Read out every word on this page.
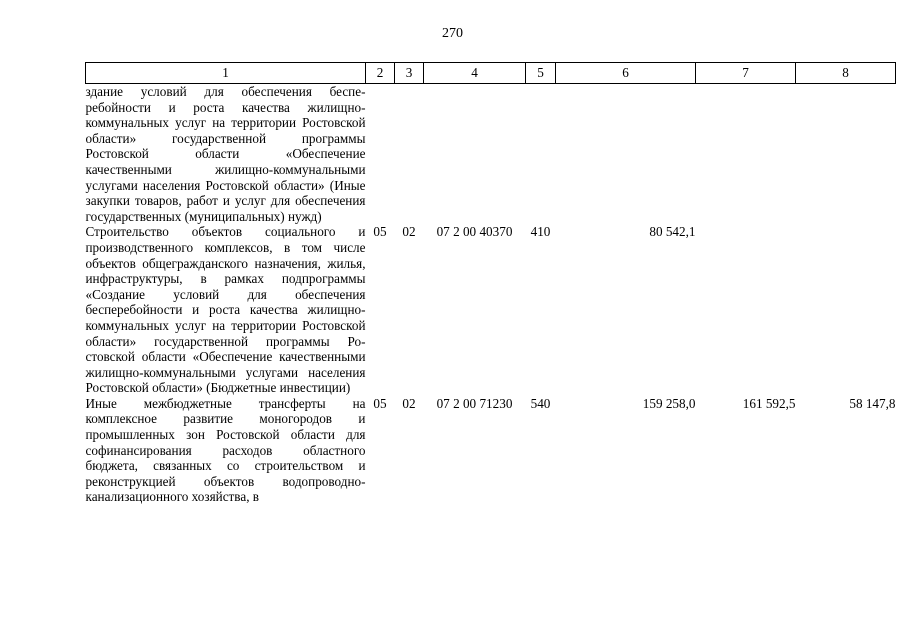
270
1	2	3	4	5	6	7	8
здание условий для обеспечения бесперебойности и роста качества жилищно-коммунальных услуг на территории Ростовской области» государственной программы Ростовской области «Обеспечение качественными жилищно-коммунальными услугами населения Ростовской области» (Иные закупки товаров, работ и услуг для обеспечения государственных (муниципальных) нужд)							
Строительство объектов социального и производственного комплексов, в том числе объектов общегражданского назначения, жилья, инфраструктуры, в рамках подпрограммы «Создание условий для обеспечения бесперебойности и роста качества жилищно-коммунальных услуг на территории Ростовской области» государственной программы Ростовской области «Обеспечение качественными жилищно-коммунальными услугами населения Ростовской области» (Бюджетные инвестиции)	05	02	07 2 00 40370	410	80 542,1		
Иные межбюджетные трансферты на комплексное развитие моногородов и промышленных зон Ростовской области для софинансирования расходов областного бюджета, связанных со строительством и реконструкцией объектов водопроводно-канализационного хозяйства, в	05	02	07 2 00 71230	540	159 258,0	161 592,5	58 147,8
